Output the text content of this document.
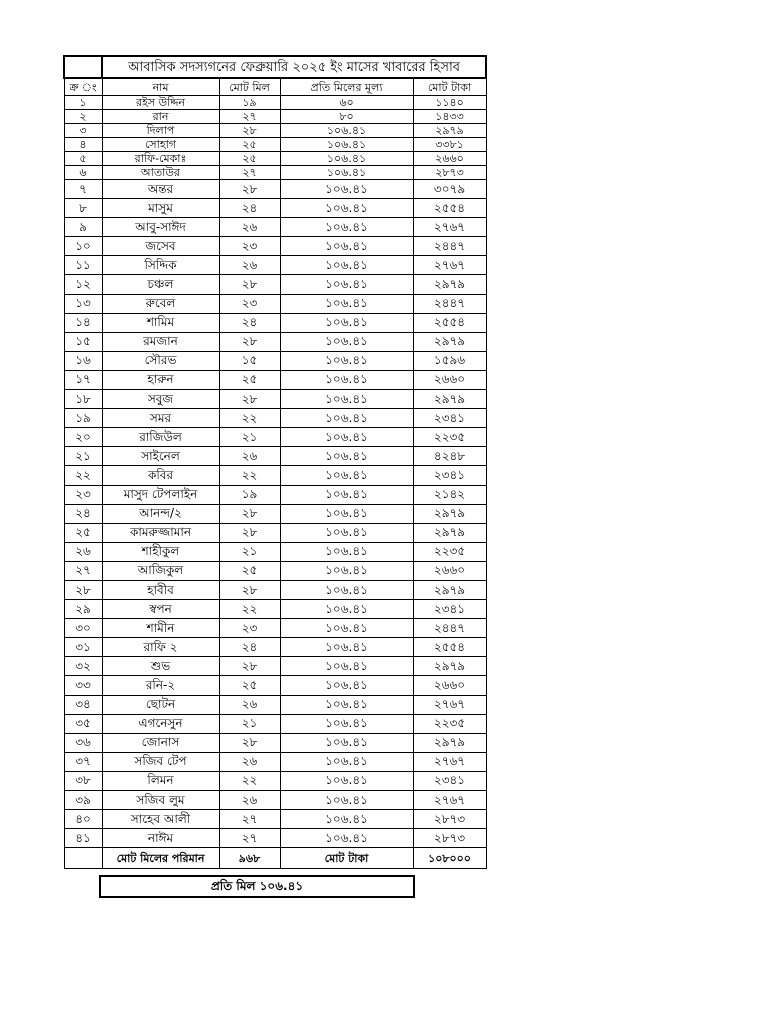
	আবাসিক সদস্যগনের ফেব্রুয়ারি ২০২৫ ইং মাসের খাবারের হিসাব			
ক্র ং	নাম	মোট মিল	প্রতি মিলের মূল্য	মোট টাকা
১	রইস উদ্দিন	১৯	৬০	১১৪০
২	রান	২৭	৮০	১৪৩৩
৩	দিলাপ	২৮	১০৬.৪১	২৯৭৯
৪	সোহাগ	২৫	১০৬.৪১	৩৩৮১
৫	রাফি-মেকাঃ	২৫	১০৬.৪১	২৬৬০
৬	আতাউর	২৭	১০৬.৪১	২৮৭৩
৭	অন্তর	২৮	১০৬.৪১	৩০৭৯
৮	মাসুম	২৪	১০৬.৪১	২৫৫৪
৯	আবু-সাঈদ	২৬	১০৬.৪১	২৭৬৭
১০	জসেব	২৩	১০৬.৪১	২৪৪৭
১১	সিদ্দিক	২৬	১০৬.৪১	২৭৬৭
১২	চঞ্চল	২৮	১০৬.৪১	২৯৭৯
১৩	রুবেল	২৩	১০৬.৪১	২৪৪৭
১৪	শামিম	২৪	১০৬.৪১	২৫৫৪
১৫	রমজান	২৮	১০৬.৪১	২৯৭৯
১৬	সৌরভ	১৫	১০৬.৪১	১৫৯৬
১৭	হারুন	২৫	১০৬.৪১	২৬৬০
১৮	সবুজ	২৮	১০৬.৪১	২৯৭৯
১৯	সমর	২২	১০৬.৪১	২৩৪১
২০	রাজিউল	২১	১০৬.৪১	২২৩৫
২১	সাইনেল	২৬	১০৬.৪১	৪২৪৮
২২	কবির	২২	১০৬.৪১	২৩৪১
২৩	মাসুদ টেপলাইন	১৯	১০৬.৪১	২১৪২
২৪	আনন্দ/২	২৮	১০৬.৪১	২৯৭৯
২৫	কামরুজ্জামান	২৮	১০৬.৪১	২৯৭৯
২৬	শাহীকুল	২১	১০৬.৪১	২২৩৫
২৭	আজিকুল	২৫	১০৬.৪১	২৬৬০
২৮	হাবীব	২৮	১০৬.৪১	২৯৭৯
২৯	স্বপন	২২	১০৬.৪১	২৩৪১
৩০	শামীন	২৩	১০৬.৪১	২৪৪৭
৩১	রাফি ২	২৪	১০৬.৪১	২৫৫৪
৩২	শুভ	২৮	১০৬.৪১	২৯৭৯
৩৩	রনি-২	২৫	১০৬.৪১	২৬৬০
৩৪	ছোটন	২৬	১০৬.৪১	২৭৬৭
৩৫	এগনেসুন	২১	১০৬.৪১	২২৩৫
৩৬	জোনাস	২৮	১০৬.৪১	২৯৭৯
৩৭	সজিব টেপ	২৬	১০৬.৪১	২৭৬৭
৩৮	লিমন	২২	১০৬.৪১	২৩৪১
৩৯	সজিব লুম	২৬	১০৬.৪১	২৭৬৭
৪০	সাহেব আলী	২৭	১০৬.৪১	২৮৭৩
৪১	নাঈম	২৭	১০৬.৪১	২৮৭৩
	মোট মিলের পরিমান	৯৬৮	মোট টাকা	১০৮০০০
প্রতি মিল ১০৬.৪১
